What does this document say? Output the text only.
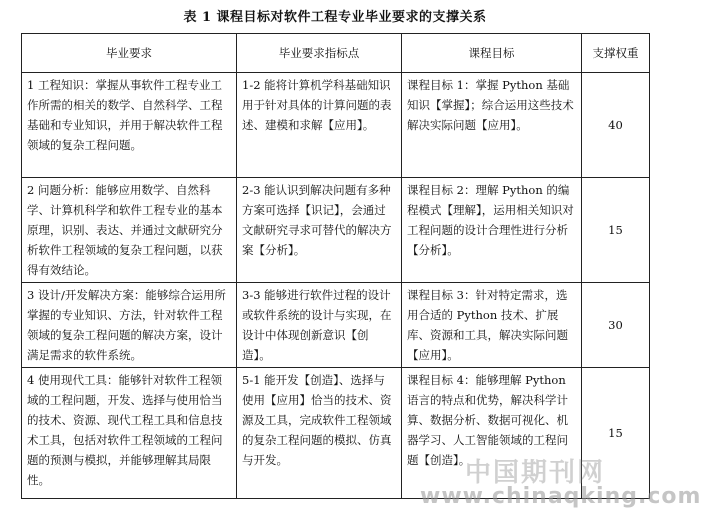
表 1 课程目标对软件工程专业毕业要求的支撑关系
毕业要求	毕业要求指标点	课程目标	支撑权重
1 工程知识：掌握从事软件工程专业工作所需的相关的数学、自然科学、工程基础和专业知识，并用于解决软件工程领域的复杂工程问题。	1-2 能将计算机学科基础知识用于针对具体的计算问题的表述、建模和求解【应用】。	课程目标 1：掌握 Python 基础知识【掌握】；综合运用这些技术解决实际问题【应用】。	40
2 问题分析：能够应用数学、自然科学、计算机科学和软件工程专业的基本原理，识别、表达、并通过文献研究分析软件工程领域的复杂工程问题，以获得有效结论。	2-3 能认识到解决问题有多种方案可选择【识记】，会通过文献研究寻求可替代的解决方案【分析】。	课程目标 2：理解 Python 的编程模式【理解】，运用相关知识对工程问题的设计合理性进行分析【分析】。	15
3 设计/开发解决方案：能够综合运用所掌握的专业知识、方法，针对软件工程领域的复杂工程问题的解决方案，设计满足需求的软件系统。	3-3 能够进行软件过程的设计或软件系统的设计与实现，在设计中体现创新意识【创造】。	课程目标 3：针对特定需求，选用合适的 Python 技术、扩展库、资源和工具，解决实际问题【应用】。	30
4 使用现代工具：能够针对软件工程领域的工程问题，开发、选择与使用恰当的技术、资源、现代工程工具和信息技术工具，包括对软件工程领域的工程问题的预测与模拟，并能够理解其局限性。	5-1 能开发【创造】、选择与使用【应用】恰当的技术、资源及工具，完成软件工程领域的复杂工程问题的模拟、仿真与开发。	课程目标 4：能够理解 Python 语言的特点和优势，解决科学计算、数据分析、数据可视化、机器学习、人工智能领域的工程问题【创造】。	15
中国期刊网
www.chinaqking.com
